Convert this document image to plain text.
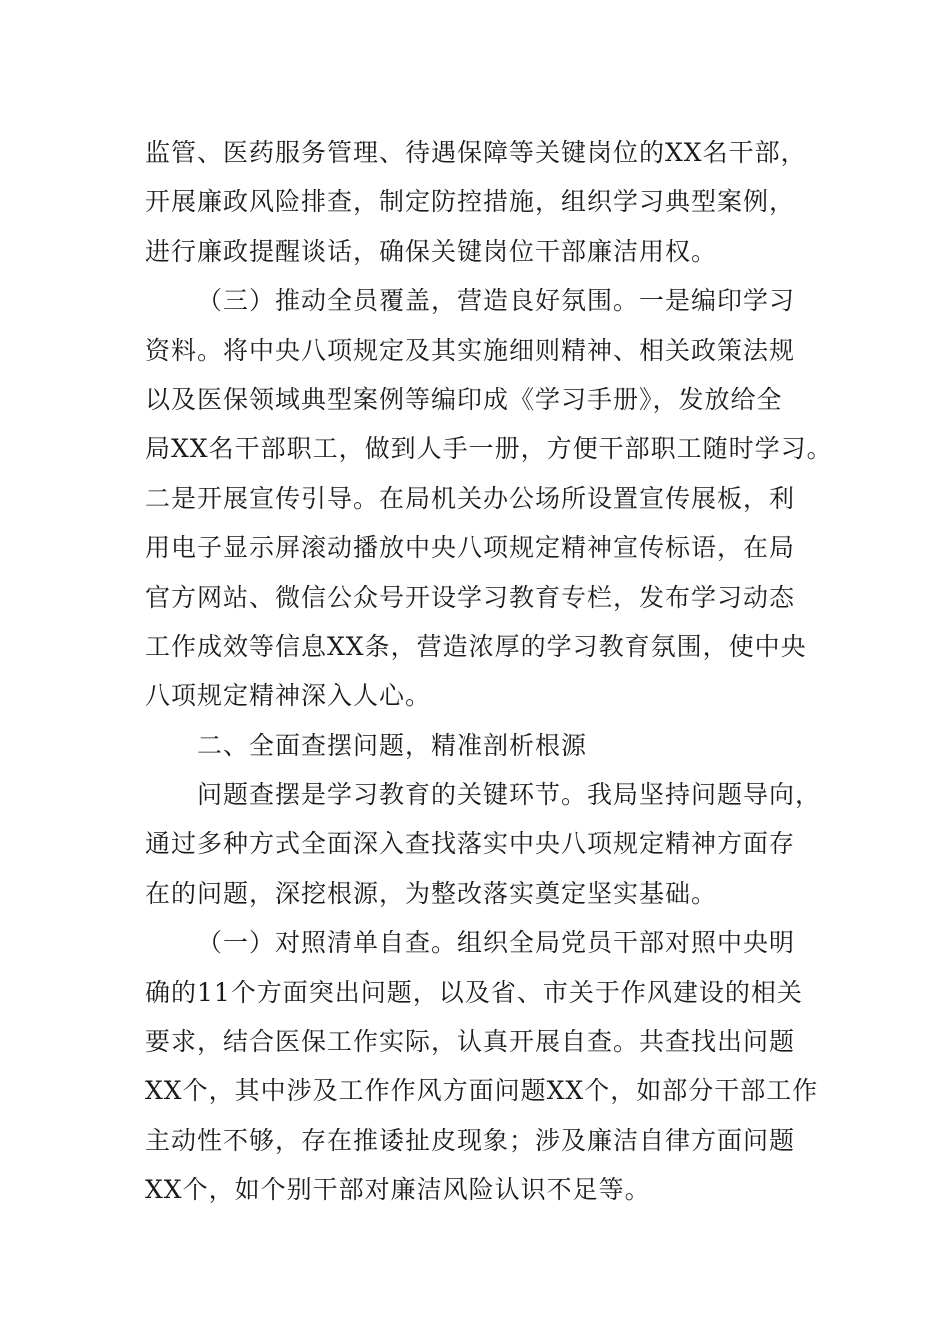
监管、医药服务管理、待遇保障等关键岗位的XX名干部，
开展廉政风险排查，制定防控措施，组织学习典型案例，
进行廉政提醒谈话，确保关键岗位干部廉洁用权。
（三）推动全员覆盖，营造良好氛围。一是编印学习
资料。将中央八项规定及其实施细则精神、相关政策法规
以及医保领域典型案例等编印成《学习手册》，发放给全
局XX名干部职工，做到人手一册，方便干部职工随时学习。
二是开展宣传引导。在局机关办公场所设置宣传展板，利
用电子显示屏滚动播放中央八项规定精神宣传标语，在局
官方网站、微信公众号开设学习教育专栏，发布学习动态
工作成效等信息XX条，营造浓厚的学习教育氛围，使中央
八项规定精神深入人心。
二、全面查摆问题，精准剖析根源
问题查摆是学习教育的关键环节。我局坚持问题导向，
通过多种方式全面深入查找落实中央八项规定精神方面存
在的问题，深挖根源，为整改落实奠定坚实基础。
（一）对照清单自查。组织全局党员干部对照中央明
确的11个方面突出问题，以及省、市关于作风建设的相关
要求，结合医保工作实际，认真开展自查。共查找出问题
XX个，其中涉及工作作风方面问题XX个，如部分干部工作
主动性不够，存在推诿扯皮现象；涉及廉洁自律方面问题
XX个，如个别干部对廉洁风险认识不足等。
